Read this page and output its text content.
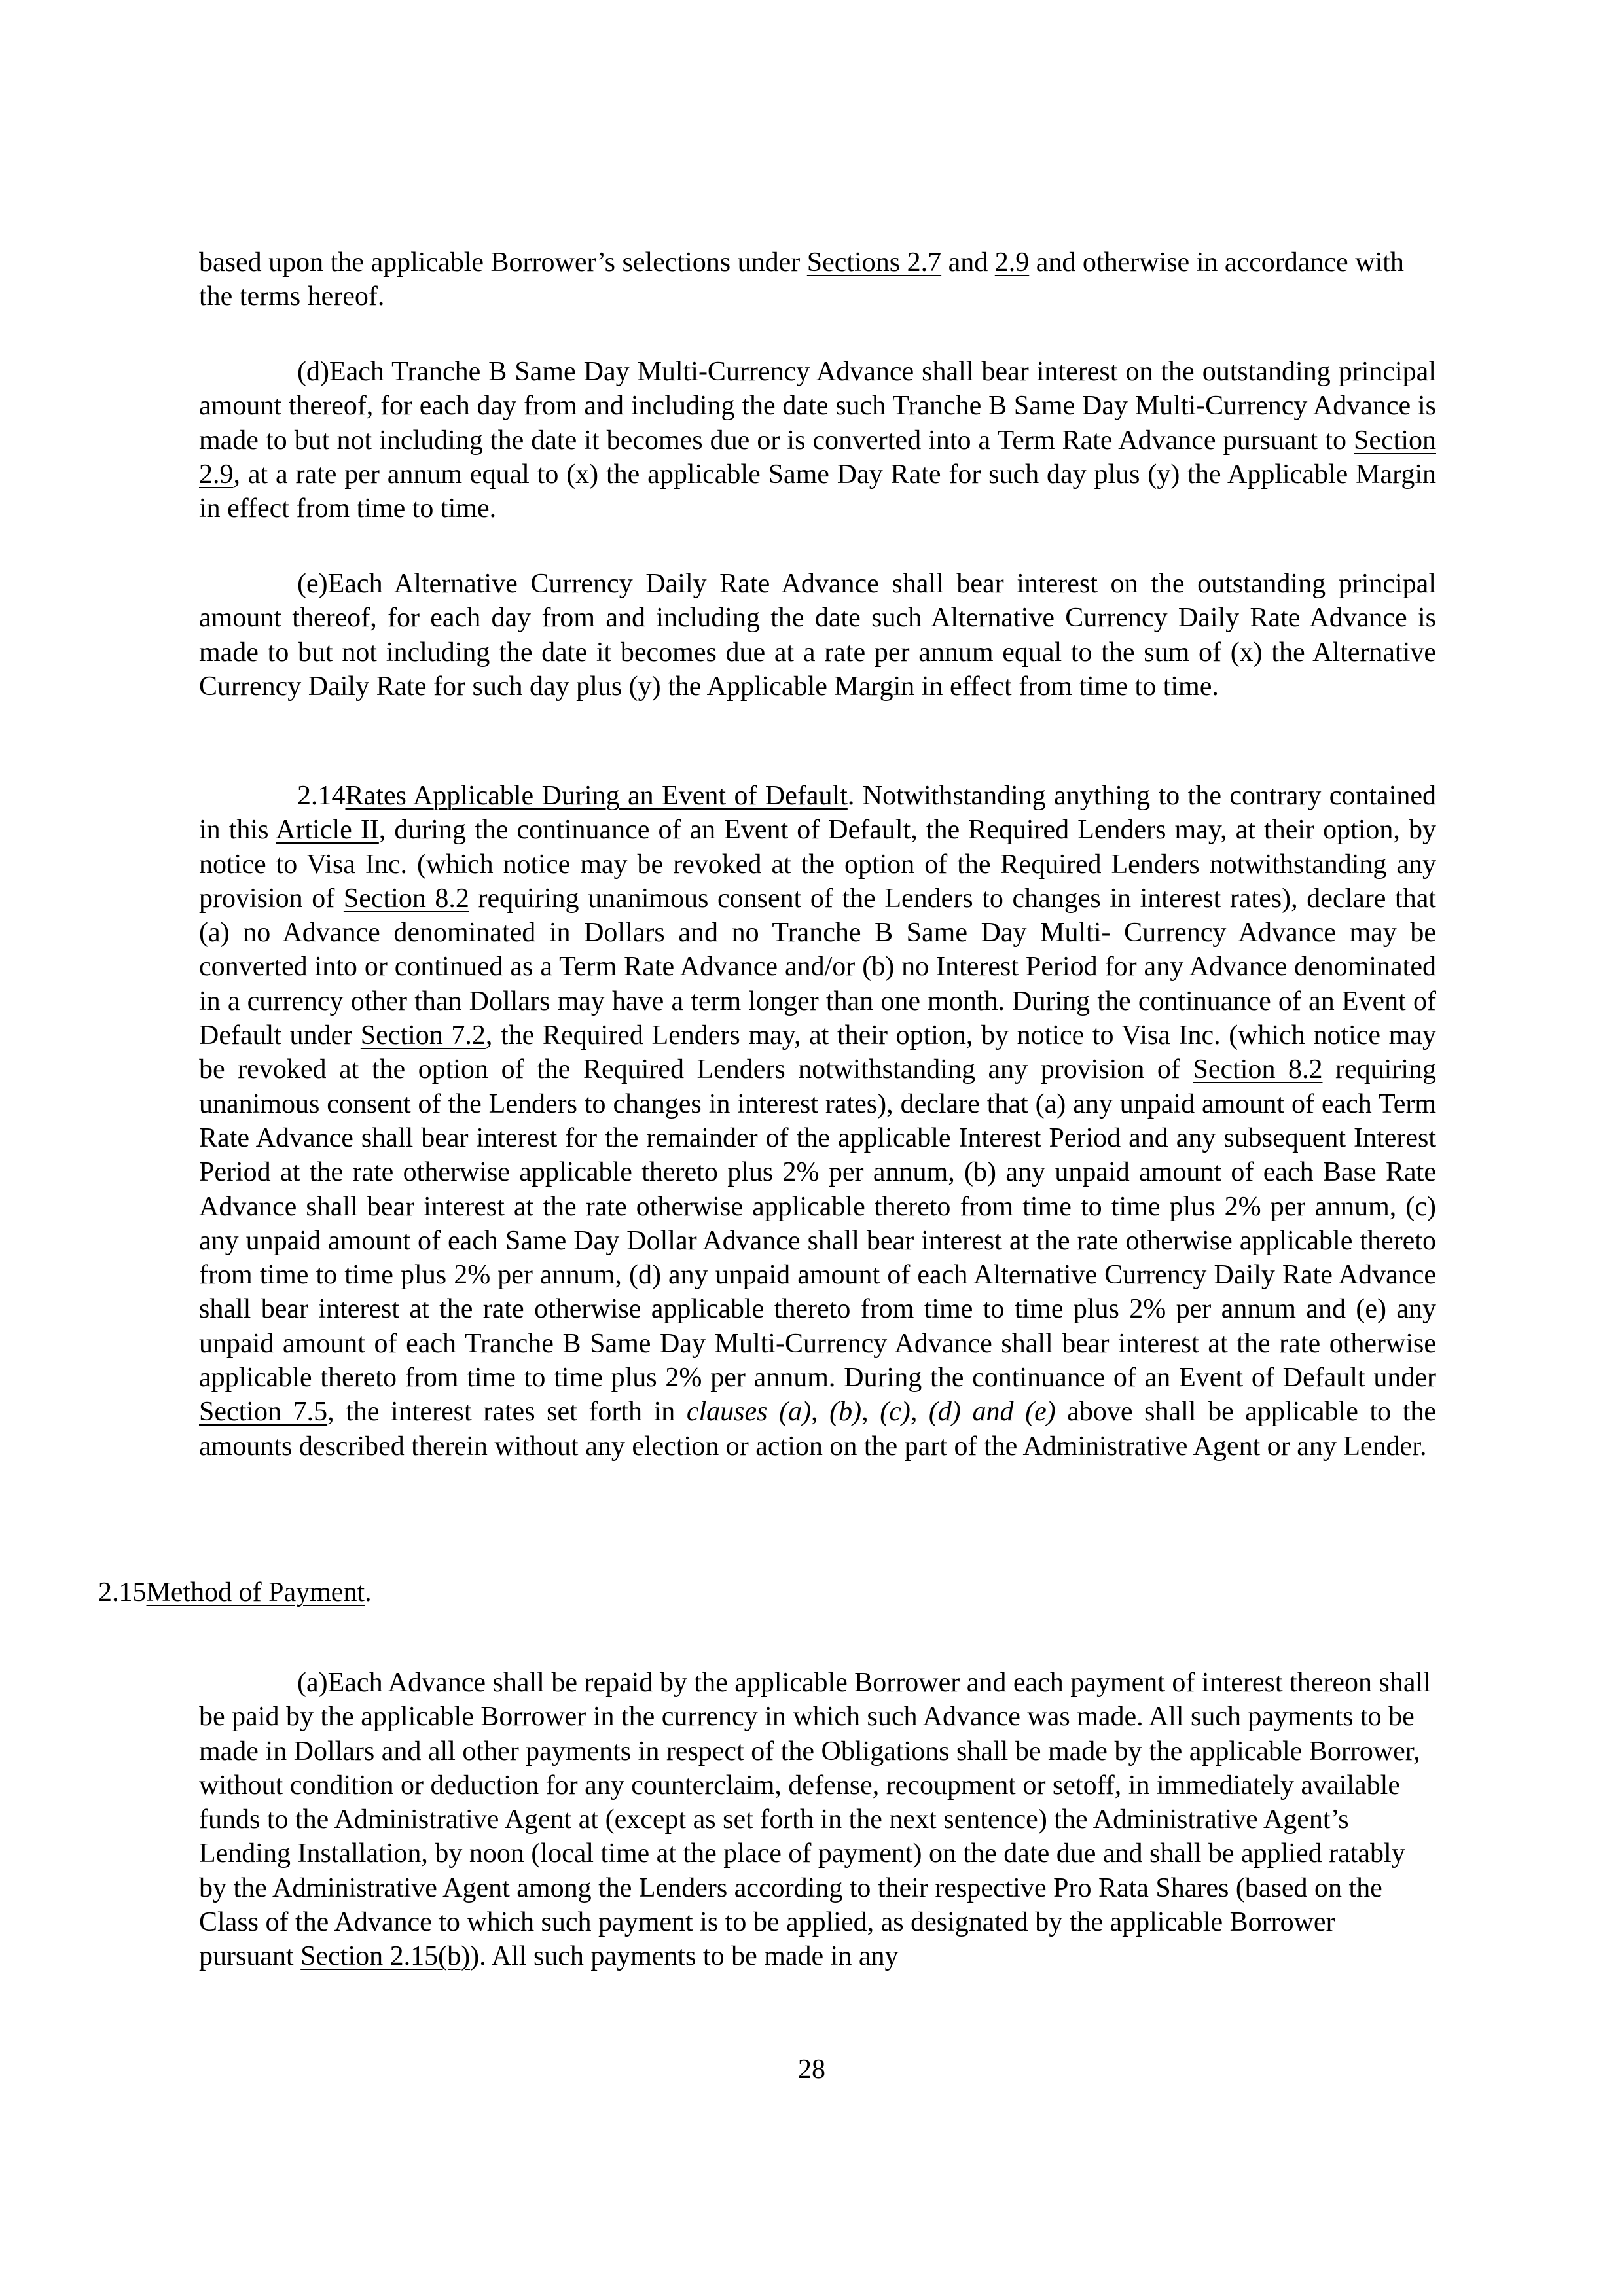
based upon the applicable Borrower’s selections under Sections 2.7 and 2.9 and otherwise in accordance with the terms hereof.

(d)Each Tranche B Same Day Multi-Currency Advance shall bear interest on the outstanding principal amount thereof, for each day from and including the date such Tranche B Same Day Multi-Currency Advance is made to but not including the date it becomes due or is converted into a Term Rate Advance pursuant to Section 2.9, at a rate per annum equal to (x) the applicable Same Day Rate for such day plus (y) the Applicable Margin in effect from time to time.

(e)Each Alternative Currency Daily Rate Advance shall bear interest on the outstanding principal amount thereof, for each day from and including the date such Alternative Currency Daily Rate Advance is made to but not including the date it becomes due at a rate per annum equal to the sum of (x) the Alternative Currency Daily Rate for such day plus (y) the Applicable Margin in effect from time to time.

2.14Rates Applicable During an Event of Default. Notwithstanding anything to the contrary contained in this Article II, during the continuance of an Event of Default, the Required Lenders may, at their option, by notice to Visa Inc. (which notice may be revoked at the option of the Required Lenders notwithstanding any provision of Section 8.2 requiring unanimous consent of the Lenders to changes in interest rates), declare that (a) no Advance denominated in Dollars and no Tranche B Same Day Multi- Currency Advance may be converted into or continued as a Term Rate Advance and/or (b) no Interest Period for any Advance denominated in a currency other than Dollars may have a term longer than one month. During the continuance of an Event of Default under Section 7.2, the Required Lenders may, at their option, by notice to Visa Inc. (which notice may be revoked at the option of the Required Lenders notwithstanding any provision of Section 8.2 requiring unanimous consent of the Lenders to changes in interest rates), declare that (a) any unpaid amount of each Term Rate Advance shall bear interest for the remainder of the applicable Interest Period and any subsequent Interest Period at the rate otherwise applicable thereto plus 2% per annum, (b) any unpaid amount of each Base Rate Advance shall bear interest at the rate otherwise applicable thereto from time to time plus 2% per annum, (c) any unpaid amount of each Same Day Dollar Advance shall bear interest at the rate otherwise applicable thereto from time to time plus 2% per annum, (d) any unpaid amount of each Alternative Currency Daily Rate Advance shall bear interest at the rate otherwise applicable thereto from time to time plus 2% per annum and (e) any unpaid amount of each Tranche B Same Day Multi-Currency Advance shall bear interest at the rate otherwise applicable thereto from time to time plus 2% per annum. During the continuance of an Event of Default under Section 7.5, the interest rates set forth in clauses (a), (b), (c), (d) and (e) above shall be applicable to the amounts described therein without any election or action on the part of the Administrative Agent or any Lender.

2.15Method of Payment.

(a)Each Advance shall be repaid by the applicable Borrower and each payment of interest thereon shall be paid by the applicable Borrower in the currency in which such Advance was made. All such payments to be made in Dollars and all other payments in respect of the Obligations shall be made by the applicable Borrower, without condition or deduction for any counterclaim, defense, recoupment or setoff, in immediately available funds to the Administrative Agent at (except as set forth in the next sentence) the Administrative Agent’s Lending Installation, by noon (local time at the place of payment) on the date due and shall be applied ratably by the Administrative Agent among the Lenders according to their respective Pro Rata Shares (based on the Class of the Advance to which such payment is to be applied, as designated by the applicable Borrower pursuant Section 2.15(b)). All such payments to be made in any

28
